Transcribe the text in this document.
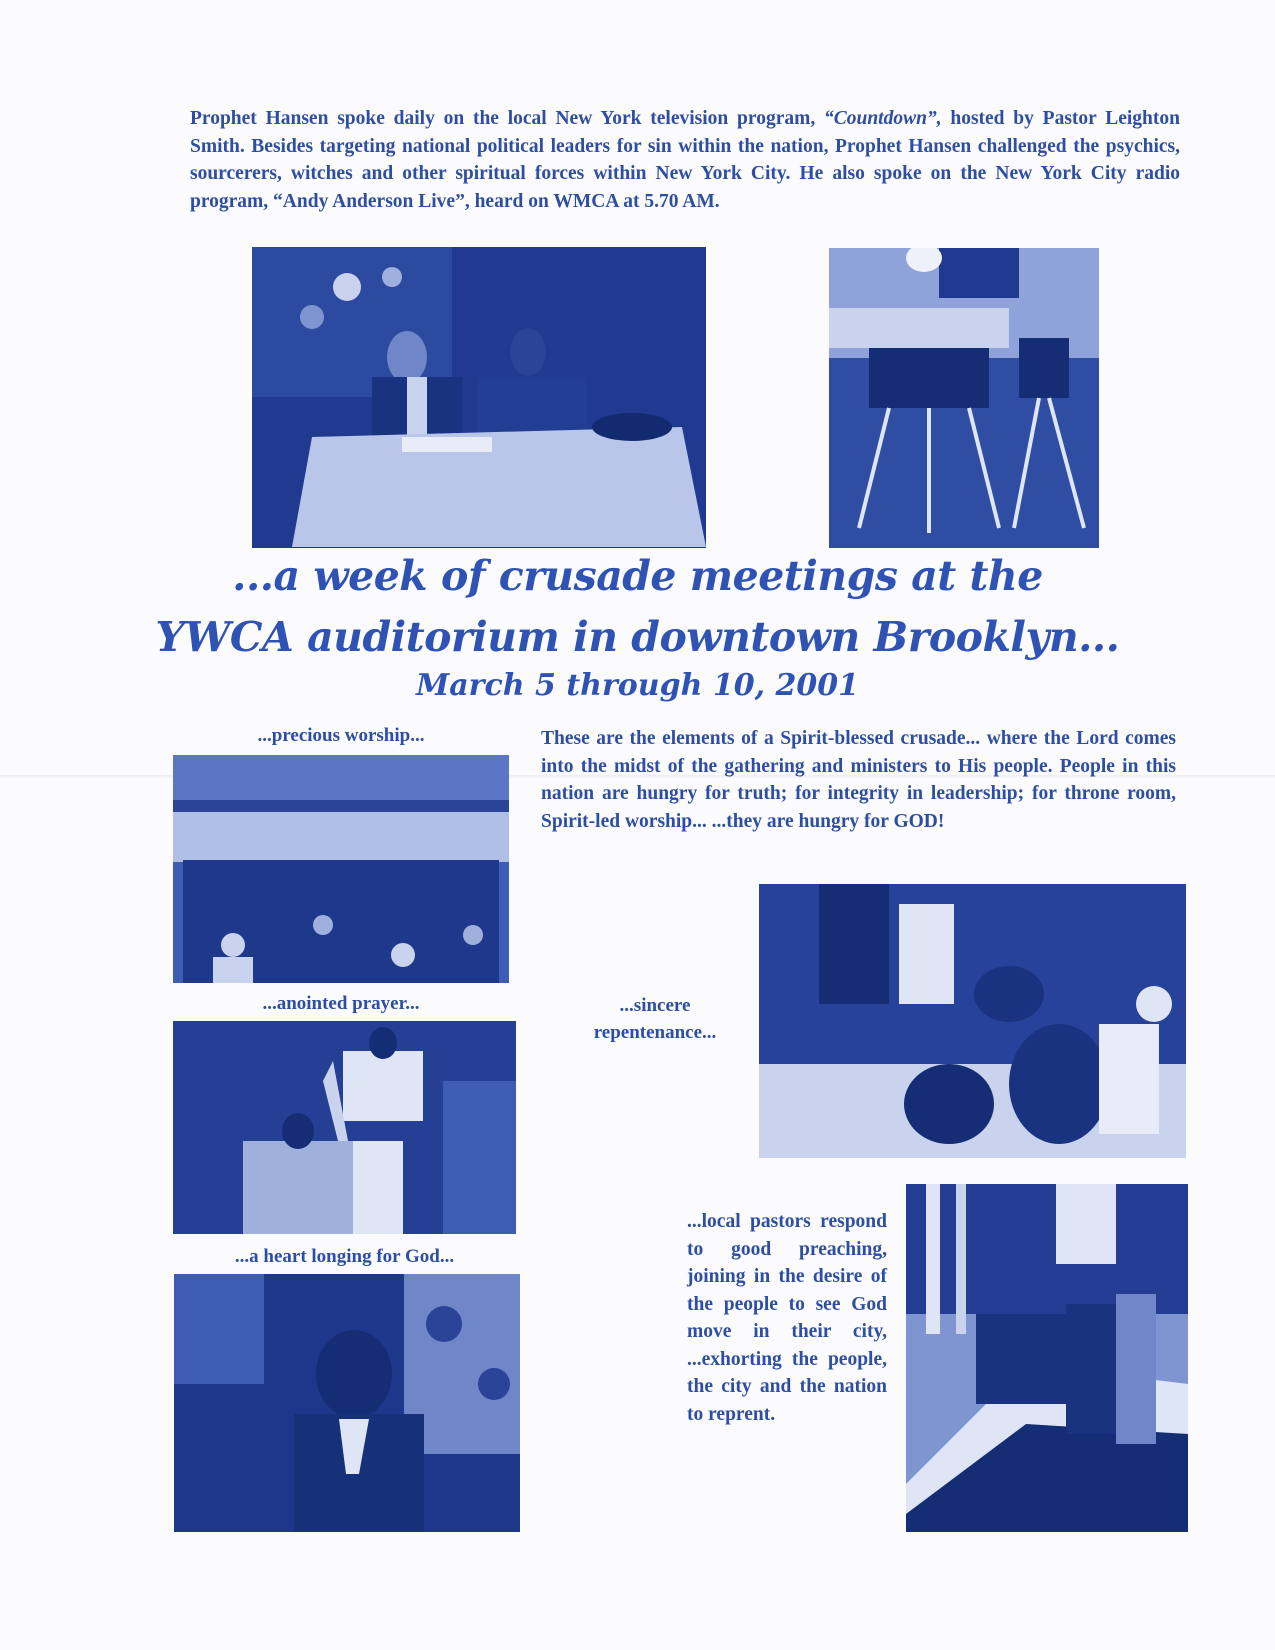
Prophet Hansen spoke daily on the local New York television program, “Countdown”, hosted by Pastor Leighton Smith. Besides targeting national political leaders for sin within the nation, Prophet Hansen challenged the psychics, sourcerers, witches and other spiritual forces within New York City. He also spoke on the New York City radio program, “Andy Anderson Live”, heard on WMCA at 5.70 AM.
...a week of crusade meetings at the
YWCA auditorium in downtown Brooklyn...
March 5 through 10, 2001
...precious worship...
...anointed prayer...
...a heart longing for God...
These are the elements of a Spirit-blessed crusade... where the Lord comes into the midst of the gathering and ministers to His people. People in this nation are hungry for truth; for integrity in leadership; for throne room, Spirit-led worship... ...they are hungry for GOD!
...sincere repentenance...
...local pastors respond to good preaching, joining in the desire of the people to see God move in their city, ...exhorting the people, the city and the nation to reprent.
